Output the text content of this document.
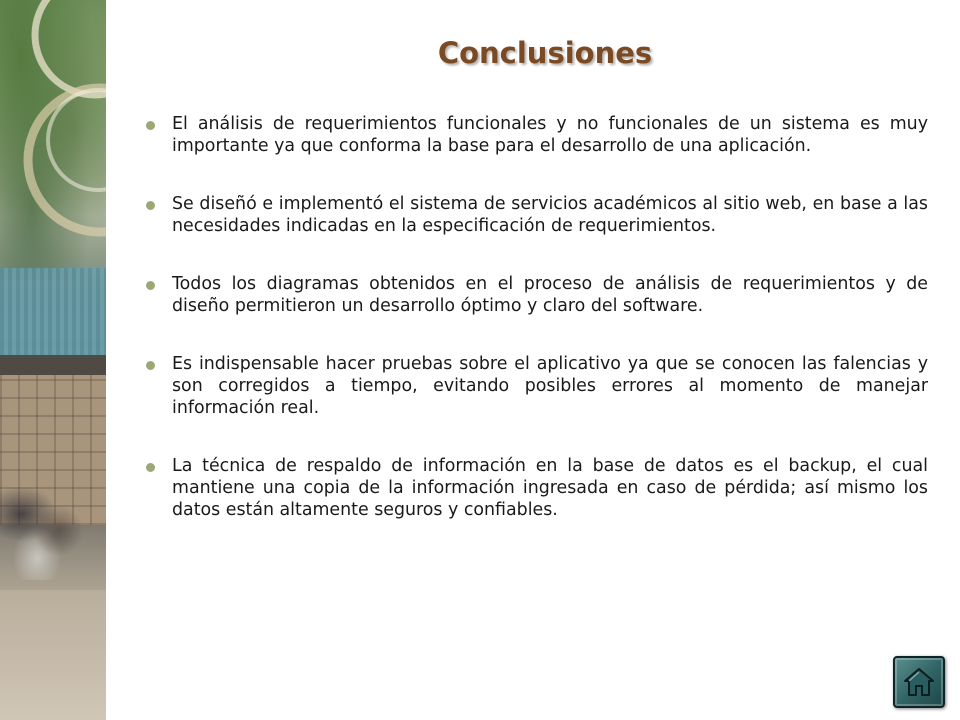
Conclusiones
El análisis de requerimientos funcionales y no funcionales de un sistema es muy importante ya que conforma la base para el desarrollo de una aplicación.
Se diseñó e implementó el sistema de servicios académicos al sitio web, en base a las necesidades indicadas en la especificación de requerimientos.
Todos los diagramas obtenidos en el proceso de análisis de requerimientos y de diseño permitieron un desarrollo óptimo y claro del software.
Es indispensable hacer pruebas sobre el aplicativo ya que se conocen las falencias y son corregidos a tiempo, evitando posibles errores al momento de manejar información real.
La técnica de respaldo de información en la base de datos es el backup, el cual mantiene una copia de la información ingresada en caso de pérdida; así mismo los datos están altamente seguros y confiables.
